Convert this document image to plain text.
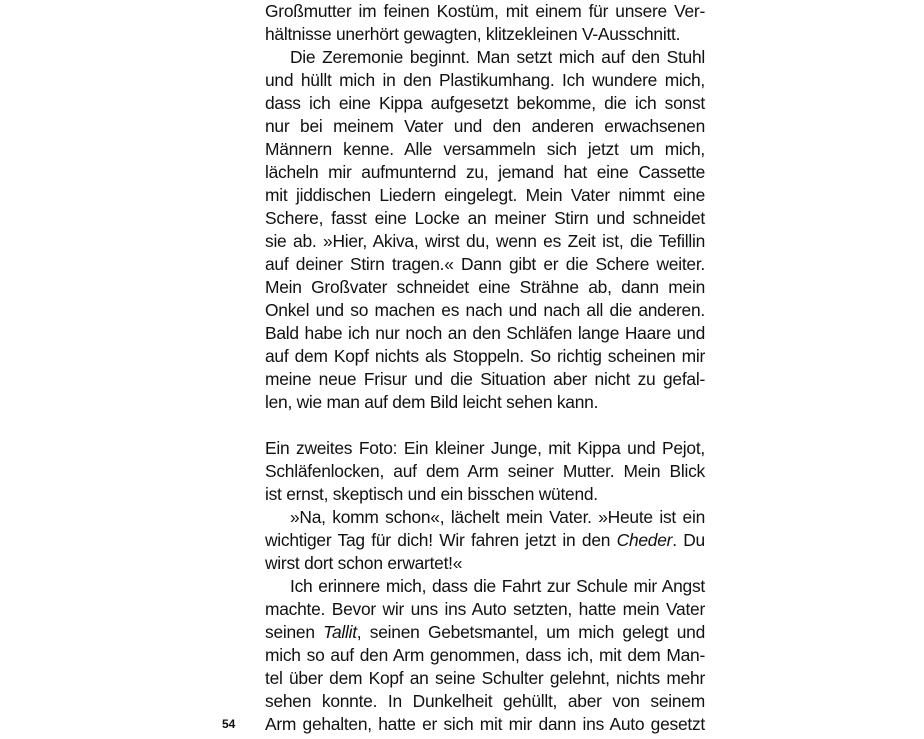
Großmutter im feinen Kostüm, mit einem für unsere Ver-
hältnisse unerhört gewagten, klitzekleinen V-Ausschnitt.
Die Zeremonie beginnt. Man setzt mich auf den Stuhl
und hüllt mich in den Plastikumhang. Ich wundere mich,
dass ich eine Kippa aufgesetzt bekomme, die ich sonst
nur bei meinem Vater und den anderen erwachsenen
Männern kenne. Alle versammeln sich jetzt um mich,
lächeln mir aufmunternd zu, jemand hat eine Cassette
mit jiddischen Liedern eingelegt. Mein Vater nimmt eine
Schere, fasst eine Locke an meiner Stirn und schneidet
sie ab. »Hier, Akiva, wirst du, wenn es Zeit ist, die Tefillin
auf deiner Stirn tragen.« Dann gibt er die Schere weiter.
Mein Großvater schneidet eine Strähne ab, dann mein
Onkel und so machen es nach und nach all die anderen.
Bald habe ich nur noch an den Schläfen lange Haare und
auf dem Kopf nichts als Stoppeln. So richtig scheinen mir
meine neue Frisur und die Situation aber nicht zu gefal-
len, wie man auf dem Bild leicht sehen kann.
Ein zweites Foto: Ein kleiner Junge, mit Kippa und Pejot,
Schläfenlocken, auf dem Arm seiner Mutter. Mein Blick
ist ernst, skeptisch und ein bisschen wütend.
»Na, komm schon«, lächelt mein Vater. »Heute ist ein
wichtiger Tag für dich! Wir fahren jetzt in den Cheder. Du
wirst dort schon erwartet!«
Ich erinnere mich, dass die Fahrt zur Schule mir Angst
machte. Bevor wir uns ins Auto setzten, hatte mein Vater
seinen Tallit, seinen Gebetsmantel, um mich gelegt und
mich so auf den Arm genommen, dass ich, mit dem Man-
tel über dem Kopf an seine Schulter gelehnt, nichts mehr
sehen konnte. In Dunkelheit gehüllt, aber von seinem
Arm gehalten, hatte er sich mit mir dann ins Auto gesetzt
54
